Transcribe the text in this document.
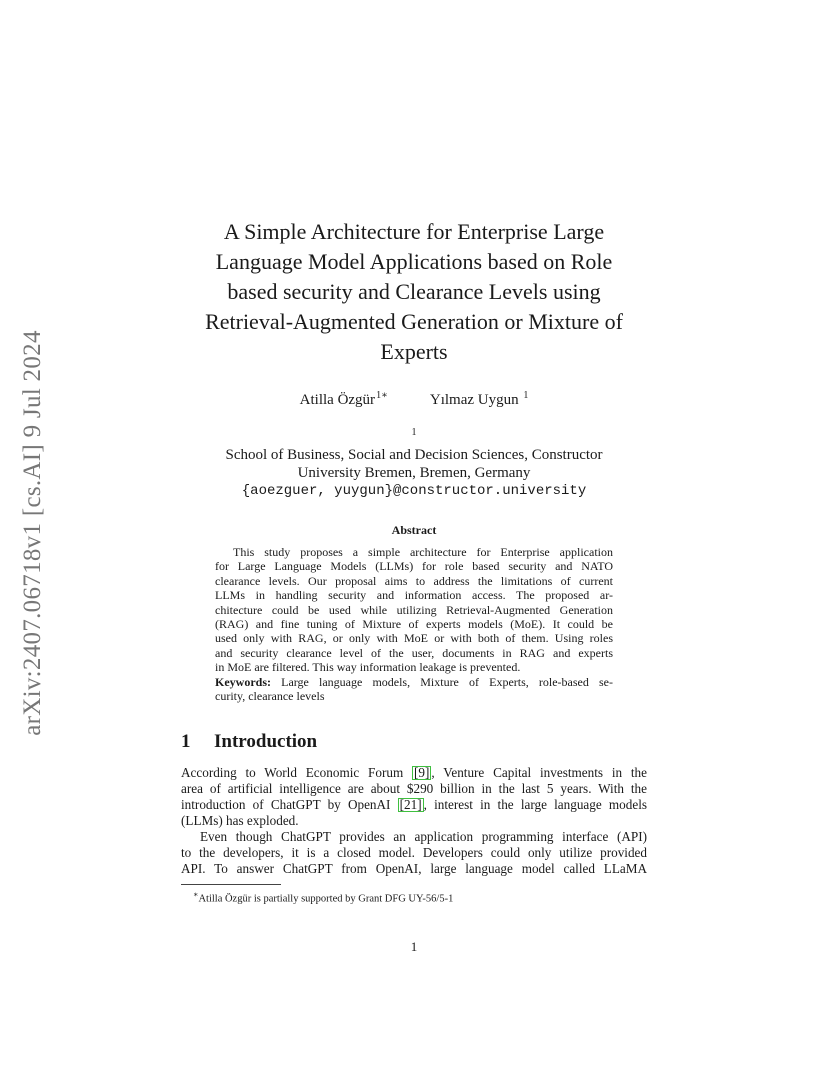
arXiv:2407.06718v1 [cs.AI] 9 Jul 2024
A Simple Architecture for Enterprise Large
Language Model Applications based on Role
based security and Clearance Levels using
Retrieval-Augmented Generation or Mixture of
Experts
Atilla Özgür$^{1∗}$	Yılmaz Uygun $^1$
$^1$
School of Business, Social and Decision Sciences, Constructor
University Bremen, Bremen, Germany
{aoezguer, yuygun}@constructor.university
Abstract
This study proposes a simple architecture for Enterprise application
for Large Language Models (LLMs) for role based security and NATO
clearance levels. Our proposal aims to address the limitations of current
LLMs in handling security and information access. The proposed ar-
chitecture could be used while utilizing Retrieval-Augmented Generation
(RAG) and fine tuning of Mixture of experts models (MoE). It could be
used only with RAG, or only with MoE or with both of them. Using roles
and security clearance level of the user, documents in RAG and experts
in MoE are filtered. This way information leakage is prevented.
Keywords: Large language models, Mixture of Experts, role-based se-
curity, clearance levels
1 Introduction
According to World Economic Forum [9] , Venture Capital investments in the
area of artificial intelligence are about $290 billion in the last 5 years. With the
introduction of ChatGPT by OpenAI [21] , interest in the large language models
(LLMs) has exploded.
Even though ChatGPT provides an application programming interface (API)
to the developers, it is a closed model. Developers could only utilize provided
API. To answer ChatGPT from OpenAI, large language model called LLaMA
∗Atilla Özgür is partially supported by Grant DFG UY-56/5-1
1
